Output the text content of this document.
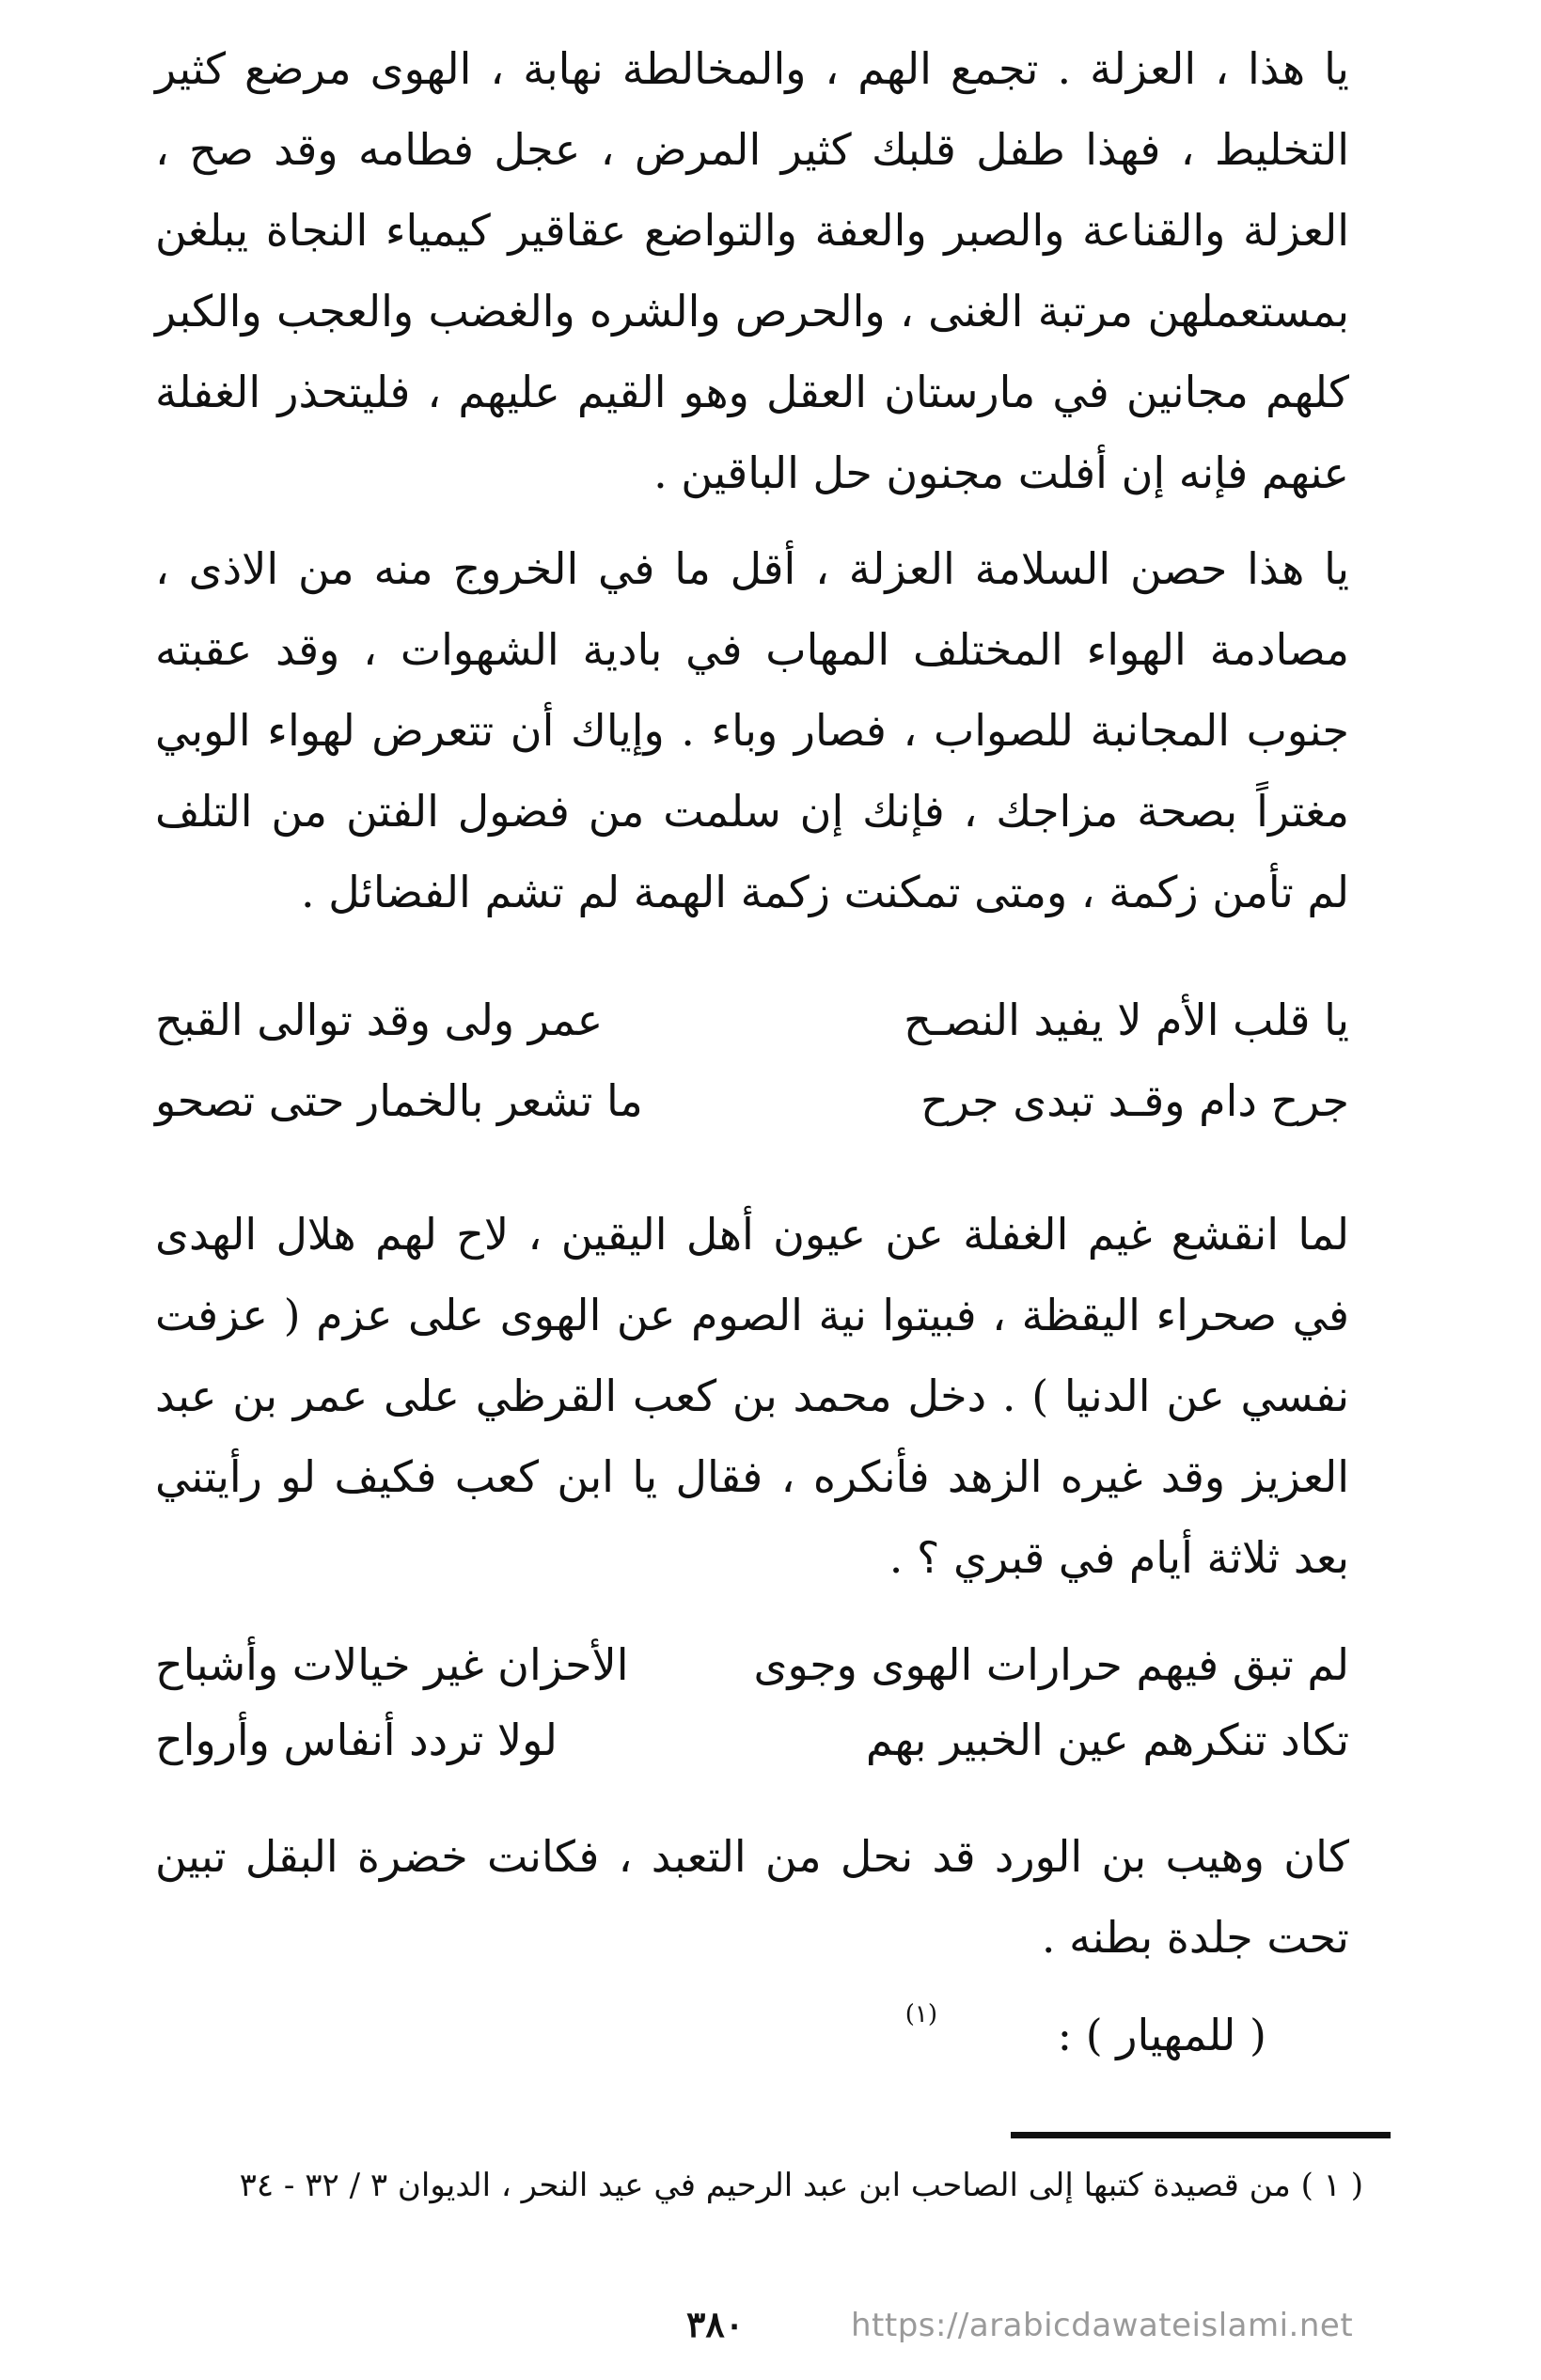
يا هذا ، العزلة . تجمع الهم ، والمخالطة نهابة ، الهوى مرضع كثير التخليط ، فهذا طفل قلبك كثير المرض ، عجل فطامه وقد صح ، العزلة والقناعة والصبر والعفة والتواضع عقاقير كيمياء النجاة يبلغن بمستعملهن مرتبة الغنى ، والحرص والشره والغضب والعجب والكبر كلهم مجانين في مارستان العقل وهو القيم عليهم ، فليتحذر الغفلة عنهم فإنه إن أفلت مجنون حل الباقين .

يا هذا حصن السلامة العزلة ، أقل ما في الخروج منه من الاذى ، مصادمة الهواء المختلف المهاب في بادية الشهوات ، وقد عقبته جنوب المجانبة للصواب ، فصار وباء . وإياك أن تتعرض لهواء الوبي مغتراً بصحة مزاجك ، فإنك إن سلمت من فضول الفتن من التلف لم تأمن زكمة ، ومتى تمكنت زكمة الهمة لم تشم الفضائل .

يا قلب الأم لا يفيد النصـح
عمر ولى وقد توالى القبح
جرح دام وقـد تبدى جرح
ما تشعر بالخمار حتى تصحو

لما انقشع غيم الغفلة عن عيون أهل اليقين ، لاح لهم هلال الهدى في صحراء اليقظة ، فبيتوا نية الصوم عن الهوى على عزم ( عزفت نفسي عن الدنيا ) . دخل محمد بن كعب القرظي على عمر بن عبد العزيز وقد غيره الزهد فأنكره ، فقال يا ابن كعب فكيف لو رأيتني بعد ثلاثة أيام في قبري ؟ .

لم تبق فيهم حرارات الهوى وجوى
الأحزان غير خيالات وأشباح
تكاد تنكرهم عين الخبير بهم
لولا تردد أنفاس وأرواح

كان وهيب بن الورد قد نحل من التعبد ، فكانت خضرة البقل تبين تحت جلدة بطنه .

( للمهيار ) :
(١)
( ١ ) من قصيدة كتبها إلى الصاحب ابن عبد الرحيم في عيد النحر ، الديوان ٣ / ٣٢ - ٣٤
٣٨٠	https://arabicdawateislami.net
